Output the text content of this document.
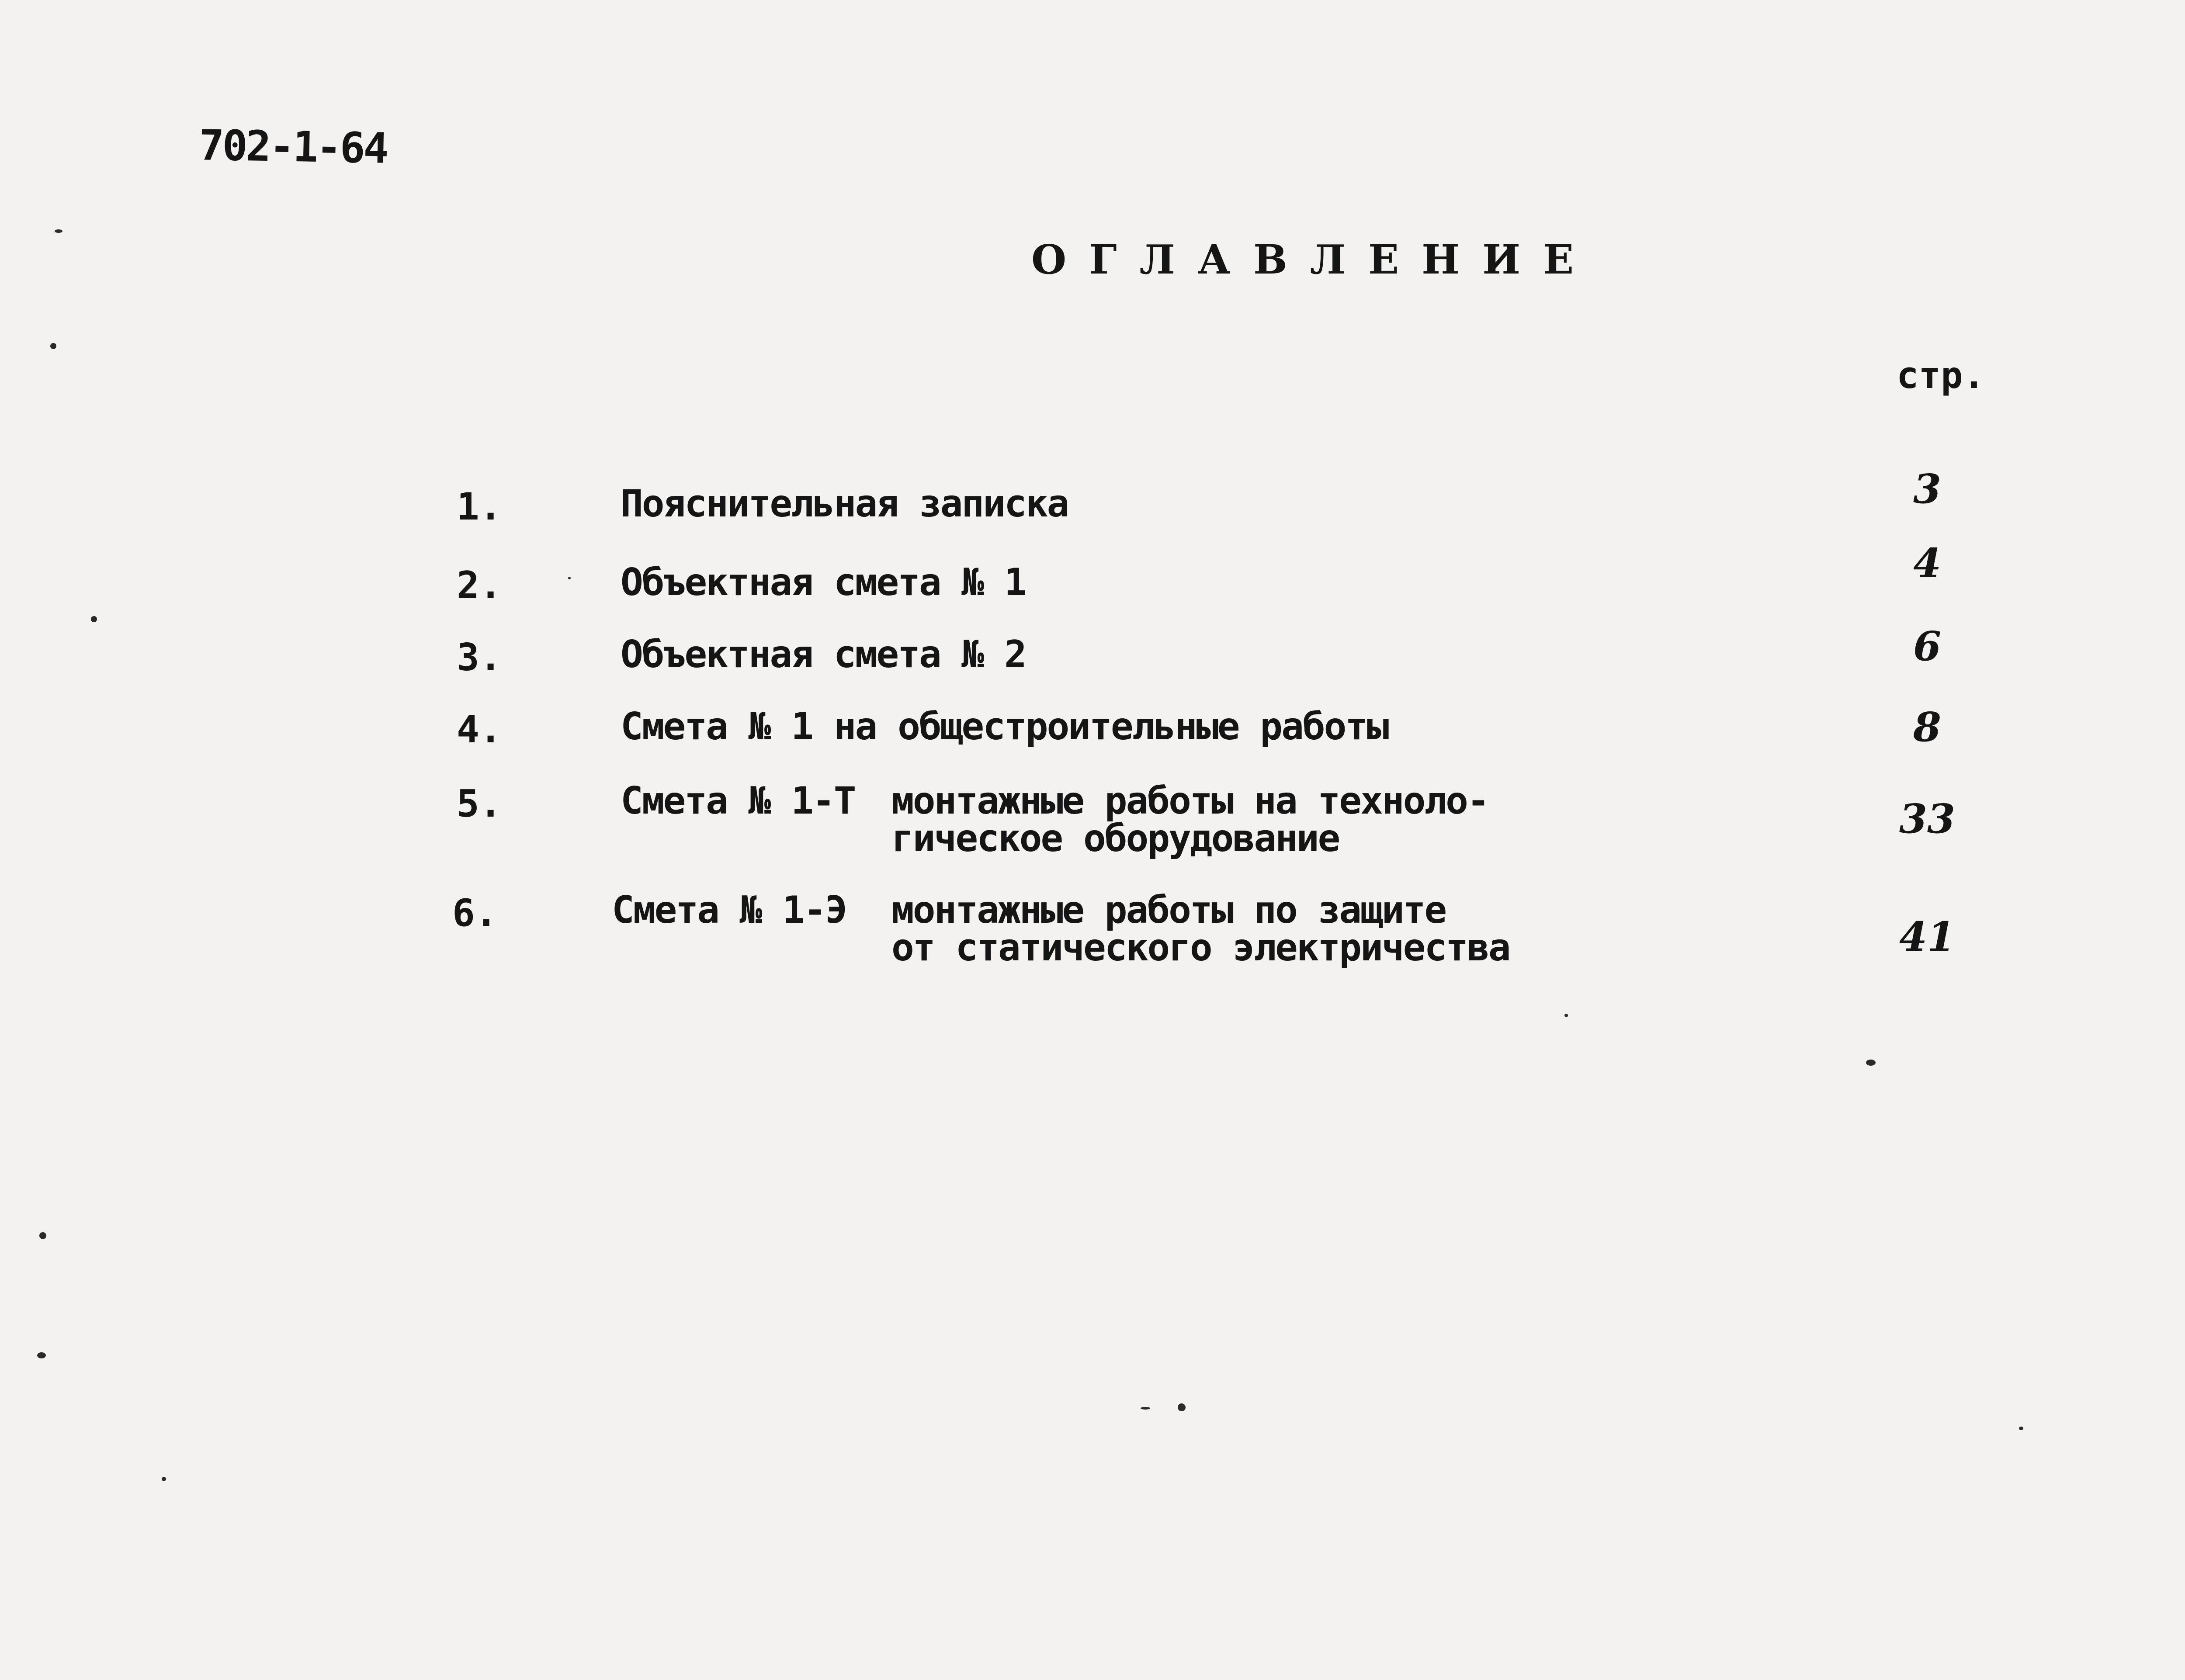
702-1-64
ОГЛАВЛЕНИЕ
стр.
1.	Пояснительная записка	3
2.	Объектная смета № 1	4
3.	Объектная смета № 2	6
4.	Смета № 1 на общестроительные работы	8
5.	Смета № 1-Т монтажные работы на техноло-
гическое оборудование	33
6.	Смета № 1-Э монтажные работы по защите
от статического электричества	41
